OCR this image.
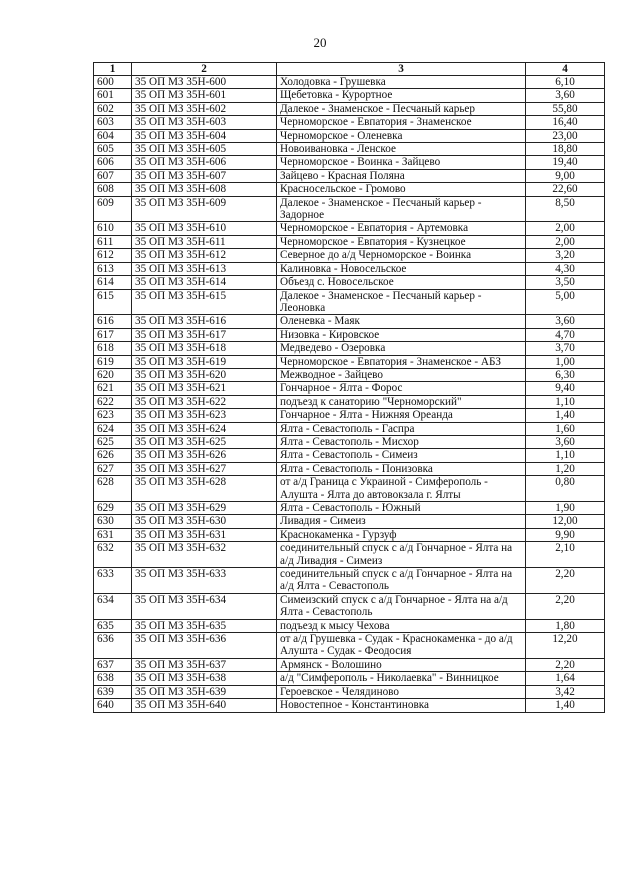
20
1	2	3	4
600	35 ОП МЗ 35Н-600	Холодовка - Грушевка	6,10
601	35 ОП МЗ 35Н-601	Щебетовка - Курортное	3,60
602	35 ОП МЗ 35Н-602	Далекое - Знаменское - Песчаный карьер	55,80
603	35 ОП МЗ 35Н-603	Черноморское - Евпатория - Знаменское	16,40
604	35 ОП МЗ 35Н-604	Черноморское - Оленевка	23,00
605	35 ОП МЗ 35Н-605	Новоивановка - Ленское	18,80
606	35 ОП МЗ 35Н-606	Черноморское - Воинка - Зайцево	19,40
607	35 ОП МЗ 35Н-607	Зайцево - Красная Поляна	9,00
608	35 ОП МЗ 35Н-608	Красносельское - Громово	22,60
609	35 ОП МЗ 35Н-609	Далекое - Знаменское - Песчаный карьер - Задорное	8,50
610	35 ОП МЗ 35Н-610	Черноморское - Евпатория - Артемовка	2,00
611	35 ОП МЗ 35Н-611	Черноморское - Евпатория - Кузнецкое	2,00
612	35 ОП МЗ 35Н-612	Северное до а/д Черноморское - Воинка	3,20
613	35 ОП МЗ 35Н-613	Калиновка - Новосельское	4,30
614	35 ОП МЗ 35Н-614	Объезд с. Новосельское	3,50
615	35 ОП МЗ 35Н-615	Далекое - Знаменское - Песчаный карьер - Леоновка	5,00
616	35 ОП МЗ 35Н-616	Оленевка - Маяк	3,60
617	35 ОП МЗ 35Н-617	Низовка - Кировское	4,70
618	35 ОП МЗ 35Н-618	Медведево - Озеровка	3,70
619	35 ОП МЗ 35Н-619	Черноморское - Евпатория - Знаменское - АБЗ	1,00
620	35 ОП МЗ 35Н-620	Межводное - Зайцево	6,30
621	35 ОП МЗ 35Н-621	Гончарное - Ялта - Форос	9,40
622	35 ОП МЗ 35Н-622	подъезд к санаторию "Черноморский"	1,10
623	35 ОП МЗ 35Н-623	Гончарное - Ялта - Нижняя Ореанда	1,40
624	35 ОП МЗ 35Н-624	Ялта - Севастополь - Гаспра	1,60
625	35 ОП МЗ 35Н-625	Ялта - Севастополь - Мисхор	3,60
626	35 ОП МЗ 35Н-626	Ялта - Севастополь - Симеиз	1,10
627	35 ОП МЗ 35Н-627	Ялта - Севастополь - Понизовка	1,20
628	35 ОП МЗ 35Н-628	от а/д Граница с Украиной - Симферополь - Алушта - Ялта до автовокзала г. Ялты	0,80
629	35 ОП МЗ 35Н-629	Ялта - Севастополь - Южный	1,90
630	35 ОП МЗ 35Н-630	Ливадия - Симеиз	12,00
631	35 ОП МЗ 35Н-631	Краснокаменка - Гурзуф	9,90
632	35 ОП МЗ 35Н-632	соединительный спуск с а/д Гончарное - Ялта на а/д Ливадия - Симеиз	2,10
633	35 ОП МЗ 35Н-633	соединительный спуск с а/д Гончарное - Ялта на а/д Ялта - Севастополь	2,20
634	35 ОП МЗ 35Н-634	Симеизский спуск с а/д Гончарное - Ялта на а/д Ялта - Севастополь	2,20
635	35 ОП МЗ 35Н-635	подъезд к мысу Чехова	1,80
636	35 ОП МЗ 35Н-636	от а/д Грушевка - Судак - Краснокаменка - до а/д Алушта - Судак - Феодосия	12,20
637	35 ОП МЗ 35Н-637	Армянск - Волошино	2,20
638	35 ОП МЗ 35Н-638	а/д "Симферополь - Николаевка" - Винницкое	1,64
639	35 ОП МЗ 35Н-639	Героевское - Челядиново	3,42
640	35 ОП МЗ 35Н-640	Новостепное - Константиновка	1,40
